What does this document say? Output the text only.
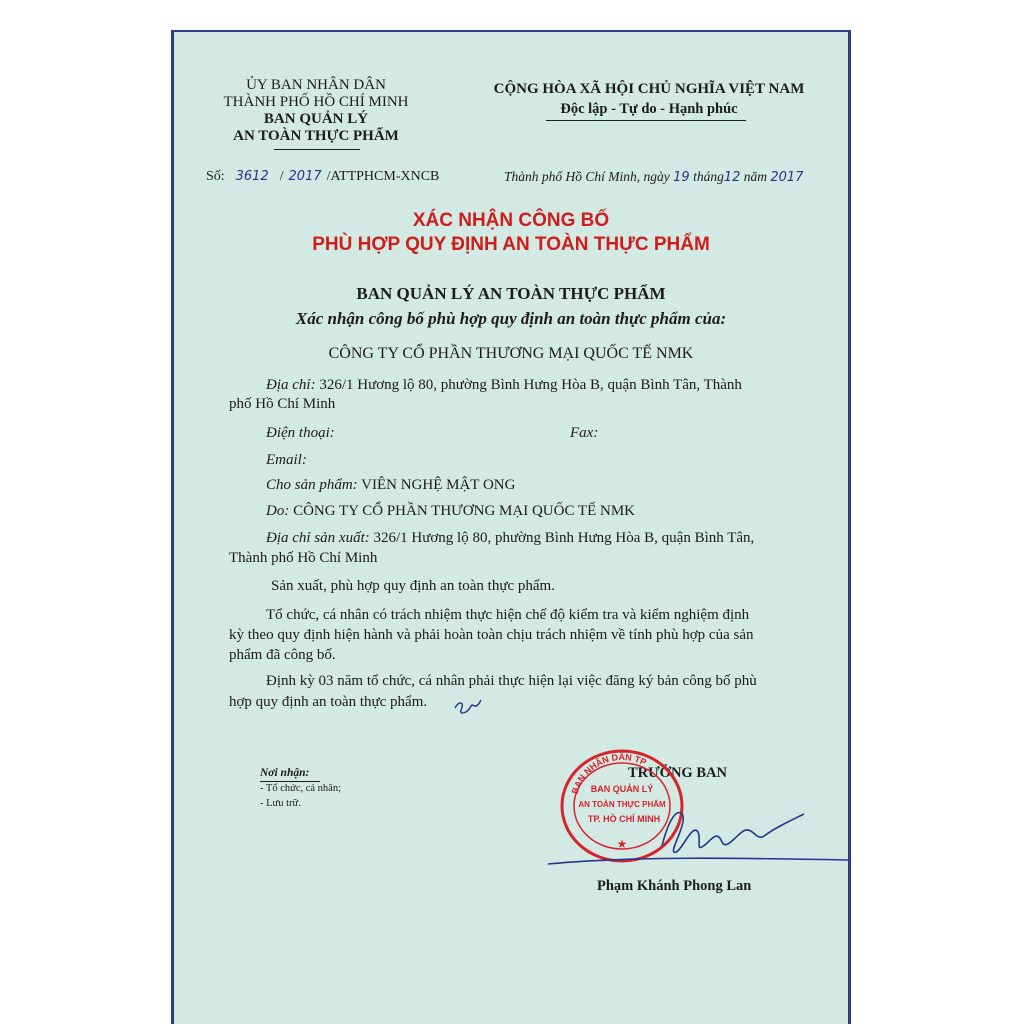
ỦY BAN NHÂN DÂN
THÀNH PHỐ HỒ CHÍ MINH
BAN QUẢN LÝ
AN TOÀN THỰC PHẨM
CỘNG HÒA XÃ HỘI CHỦ NGHĨA VIỆT NAM
Độc lập - Tự do - Hạnh phúc
Số: 3612 / 2017 /ATTPHCM-XNCB	Thành phố Hồ Chí Minh, ngày 19 tháng12 năm 2017
XÁC NHẬN CÔNG BỐ
PHÙ HỢP QUY ĐỊNH AN TOÀN THỰC PHẨM
BAN QUẢN LÝ AN TOÀN THỰC PHẨM
Xác nhận công bố phù hợp quy định an toàn thực phẩm của:
CÔNG TY CỔ PHẦN THƯƠNG MẠI QUỐC TẾ NMK
Địa chỉ: 326/1 Hương lộ 80, phường Bình Hưng Hòa B, quận Bình Tân, Thành
phố Hồ Chí Minh
Điện thoại:	Fax:
Email:
Cho sản phẩm: VIÊN NGHỆ MẬT ONG
Do: CÔNG TY CỔ PHẦN THƯƠNG MẠI QUỐC TẾ NMK
Địa chỉ sản xuất: 326/1 Hương lộ 80, phường Bình Hưng Hòa B, quận Bình Tân,
Thành phố Hồ Chí Minh
Sản xuất, phù hợp quy định an toàn thực phẩm.
Tổ chức, cá nhân có trách nhiệm thực hiện chế độ kiểm tra và kiểm nghiệm định
kỳ theo quy định hiện hành và phải hoàn toàn chịu trách nhiệm về tính phù hợp của sản
phẩm đã công bố.
Định kỳ 03 năm tổ chức, cá nhân phải thực hiện lại việc đăng ký bản công bố phù
hợp quy định an toàn thực phẩm.
Nơi nhận:
- Tổ chức, cá nhân;
- Lưu trữ.
TRƯỞNG BAN
BAN NHÂN DÂN TP
BAN QUẢN LÝ
AN TOÀN THỰC PHẨM
TP. HỒ CHÍ MINH
★
Phạm Khánh Phong Lan
